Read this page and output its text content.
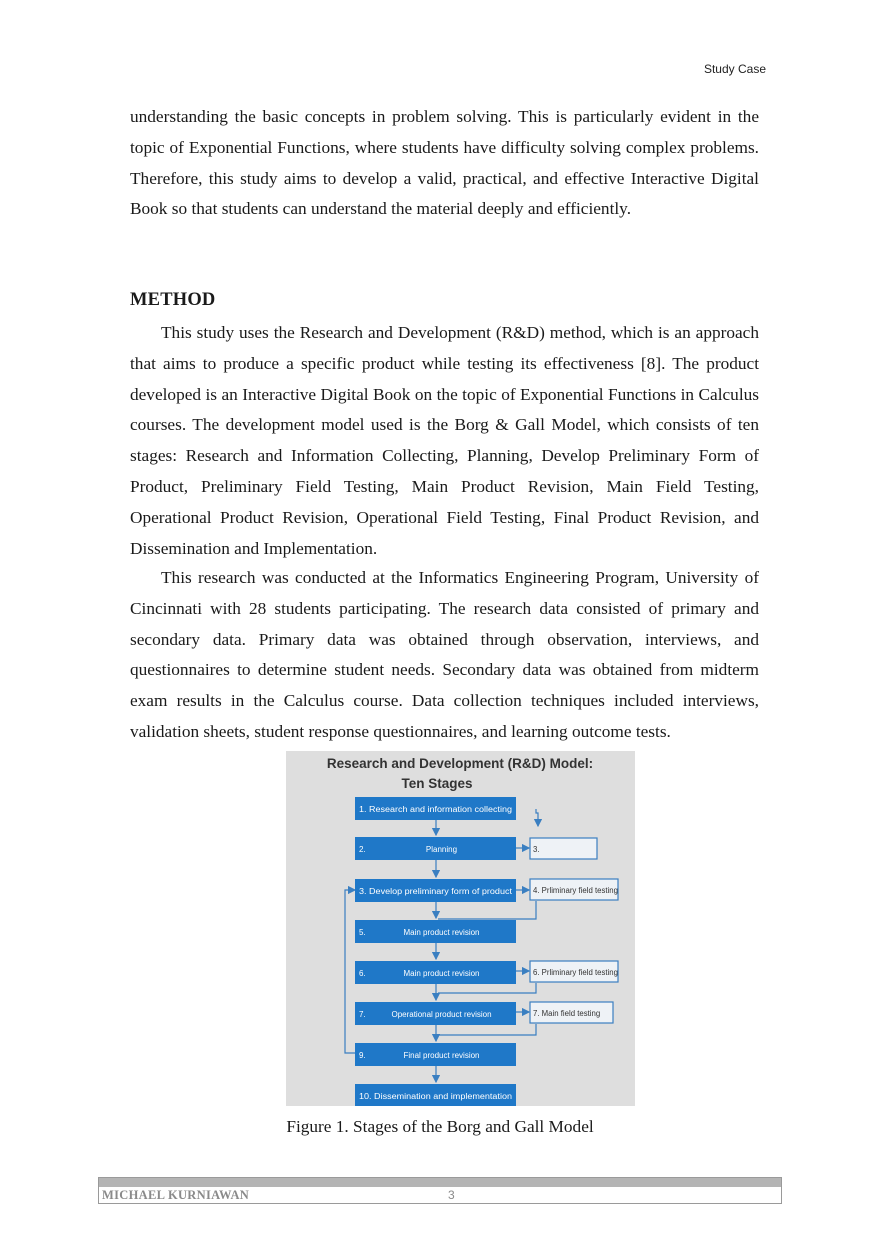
Study Case

understanding the basic concepts in problem solving. This is particularly evident in the topic of Exponential Functions, where students have difficulty solving complex problems. Therefore, this study aims to develop a valid, practical, and effective Interactive Digital Book so that students can understand the material deeply and efficiently.

METHOD

This study uses the Research and Development (R&D) method, which is an approach that aims to produce a specific product while testing its effectiveness [8]. The product developed is an Interactive Digital Book on the topic of Exponential Functions in Calculus courses. The development model used is the Borg & Gall Model, which consists of ten stages: Research and Information Collecting, Planning, Develop Preliminary Form of Product, Preliminary Field Testing, Main Product Revision, Main Field Testing, Operational Product Revision, Operational Field Testing, Final Product Revision, and Dissemination and Implementation.

This research was conducted at the Informatics Engineering Program, University of Cincinnati with 28 students participating. The research data consisted of primary and secondary data. Primary data was obtained through observation, interviews, and questionnaires to determine student needs. Secondary data was obtained from midterm exam results in the Calculus course. Data collection techniques included interviews, validation sheets, student response questionnaires, and learning outcome tests.

Research and Development (R&D) Model:
Ten Stages
1. Research and information collecting
2.	Planning
3. Develop preliminary form of product
5.	Main product revision
6.	Main product revision
7.	Operational product revision
9.	Final product revision
10. Dissemination and implementation
3.
4. Prliminary field testing
6. Prliminary field testing
7. Main field testing
Figure 1. Stages of the Borg and Gall Model
MICHAEL KURNIAWAN	3
